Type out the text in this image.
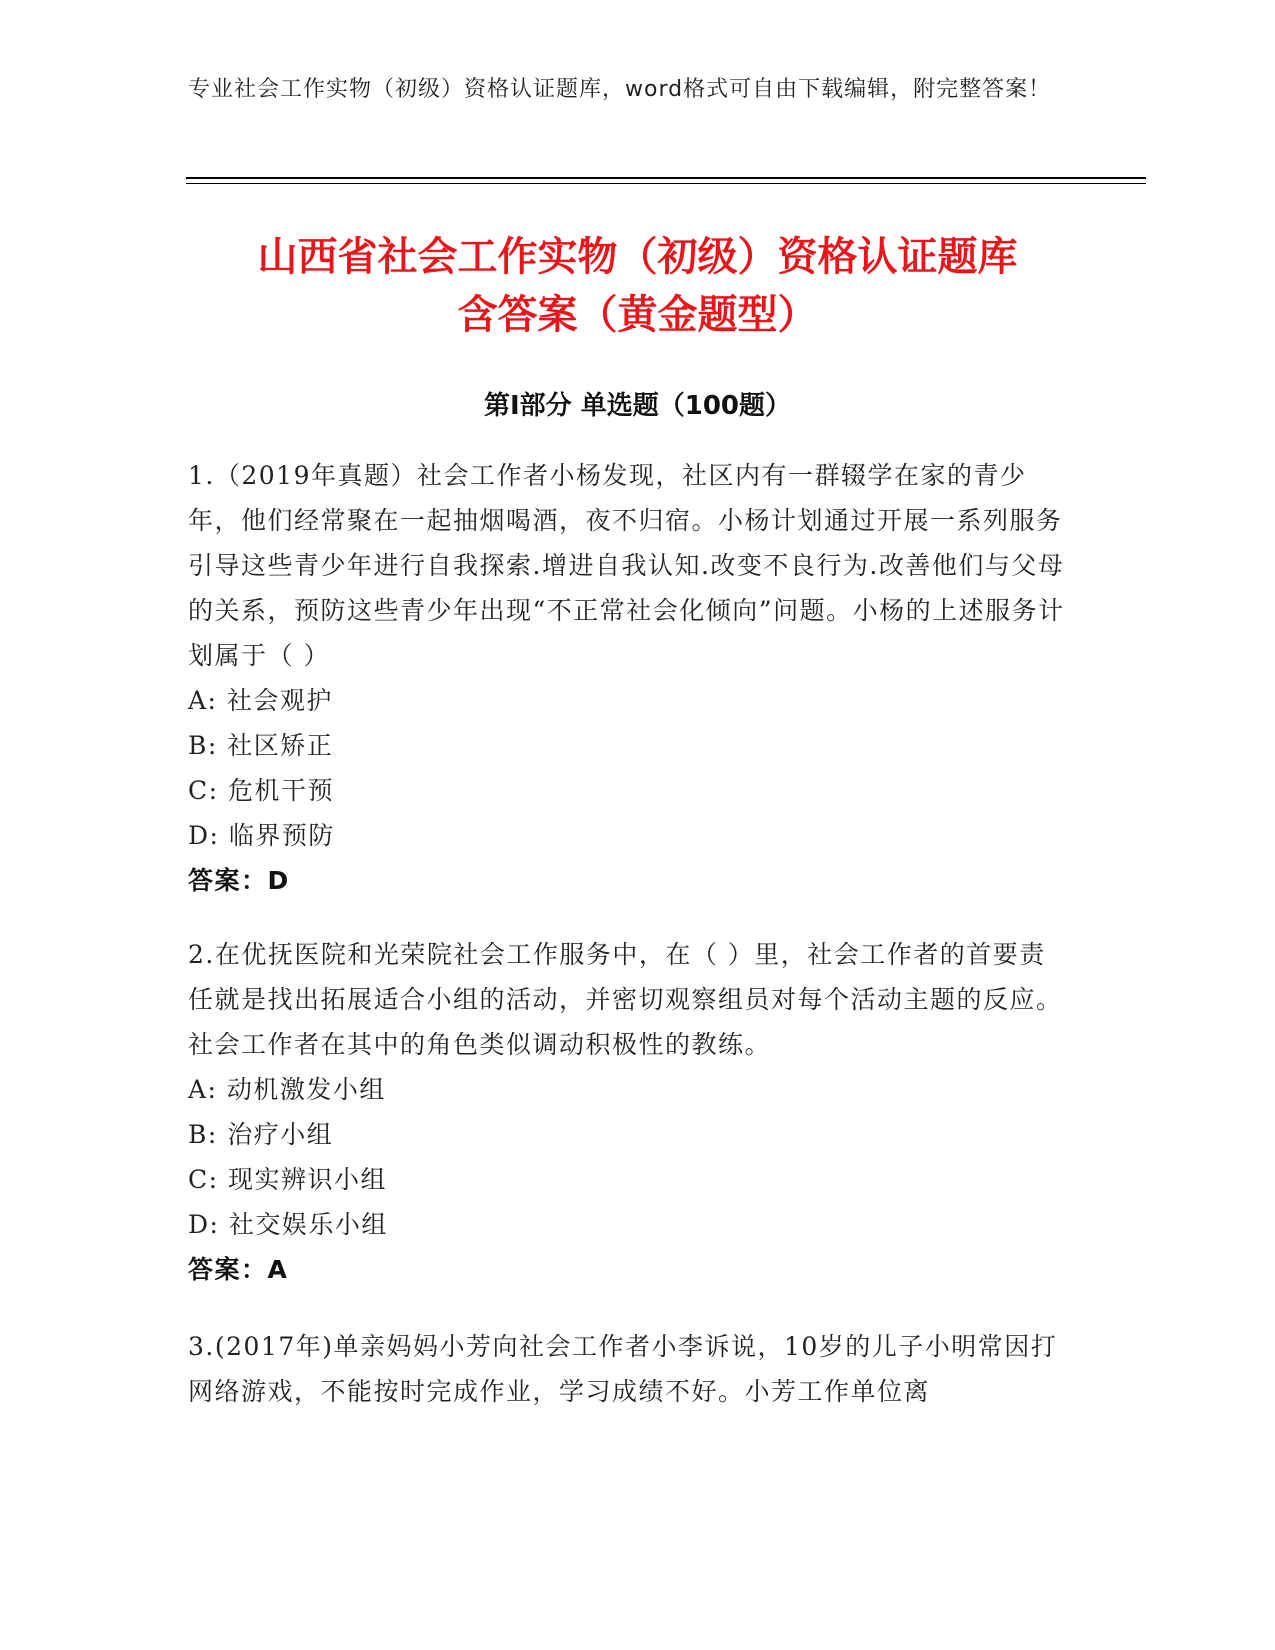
专业社会工作实物（初级）资格认证题库，word格式可自由下载编辑，附完整答案！
山西省社会工作实物（初级）资格认证题库
含答案（黄金题型）
第Ⅰ部分 单选题（100题）

1.（2019年真题）社会工作者小杨发现，社区内有一群辍学在家的青少年，他们经常聚在一起抽烟喝酒，夜不归宿。小杨计划通过开展一系列服务引导这些青少年进行自我探索.增进自我认知.改变不良行为.改善他们与父母的关系，预防这些青少年出现“不正常社会化倾向”问题。小杨的上述服务计划属于（ ）

A: 社会观护

B: 社区矫正

C: 危机干预

D: 临界预防

答案：D

2.在优抚医院和光荣院社会工作服务中，在（ ）里，社会工作者的首要责任就是找出拓展适合小组的活动，并密切观察组员对每个活动主题的反应。社会工作者在其中的角色类似调动积极性的教练。

A: 动机激发小组

B: 治疗小组

C: 现实辨识小组

D: 社交娱乐小组

答案：A

3.(2017年)单亲妈妈小芳向社会工作者小李诉说，10岁的儿子小明常因打网络游戏，不能按时完成作业，学习成绩不好。小芳工作单位离
